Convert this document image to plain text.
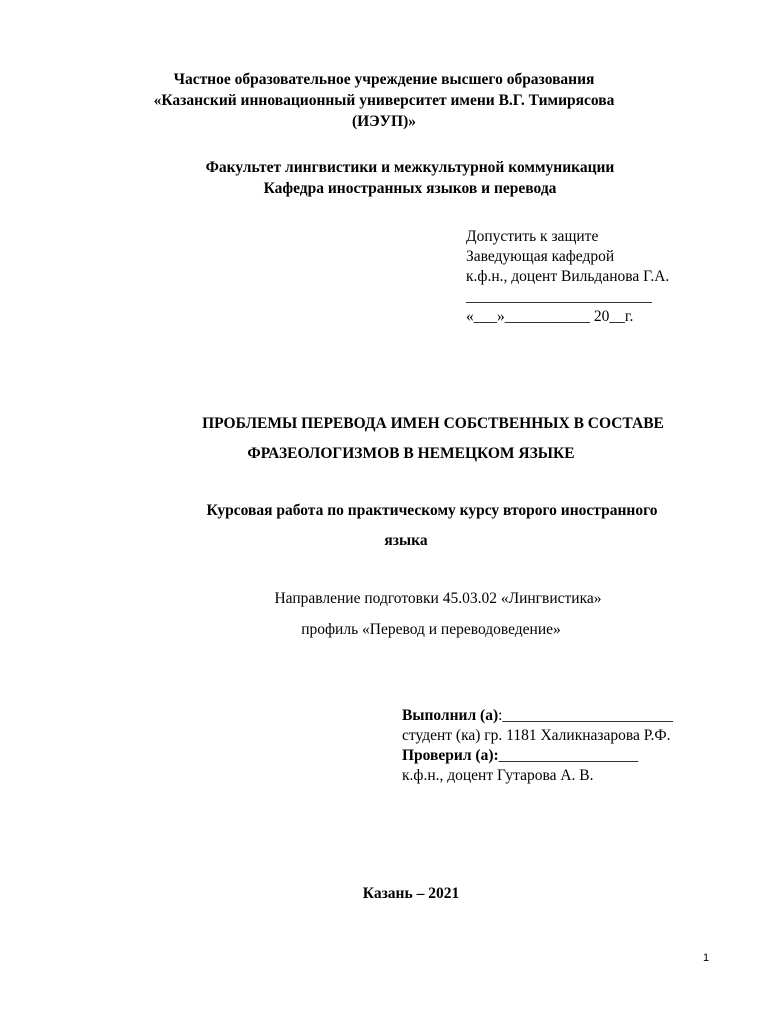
Частное образовательное учреждение высшего образования
«Казанский инновационный университет имени В.Г. Тимирясова
(ИЭУП)»
Факультет лингвистики и межкультурной коммуникации
Кафедра иностранных языков и перевода
Допустить к защите
Заведующая кафедрой
к.ф.н., доцент Вильданова Г.А.
________________________
«___»___________ 20__г.
ПРОБЛЕМЫ ПЕРЕВОДА ИМЕН СОБСТВЕННЫХ В СОСТАВЕ
ФРАЗЕОЛОГИЗМОВ В НЕМЕЦКОМ ЯЗЫКЕ
Курсовая работа по практическому курсу второго иностранного
языка
Направление подготовки 45.03.02 «Лингвистика»
профиль «Перевод и переводоведение»
Выполнил (а):______________________
студент (ка) гр. 1181 Халикназарова Р.Ф.
Проверил (а):__________________
к.ф.н., доцент Гутарова А. В.
Казань – 2021
1
